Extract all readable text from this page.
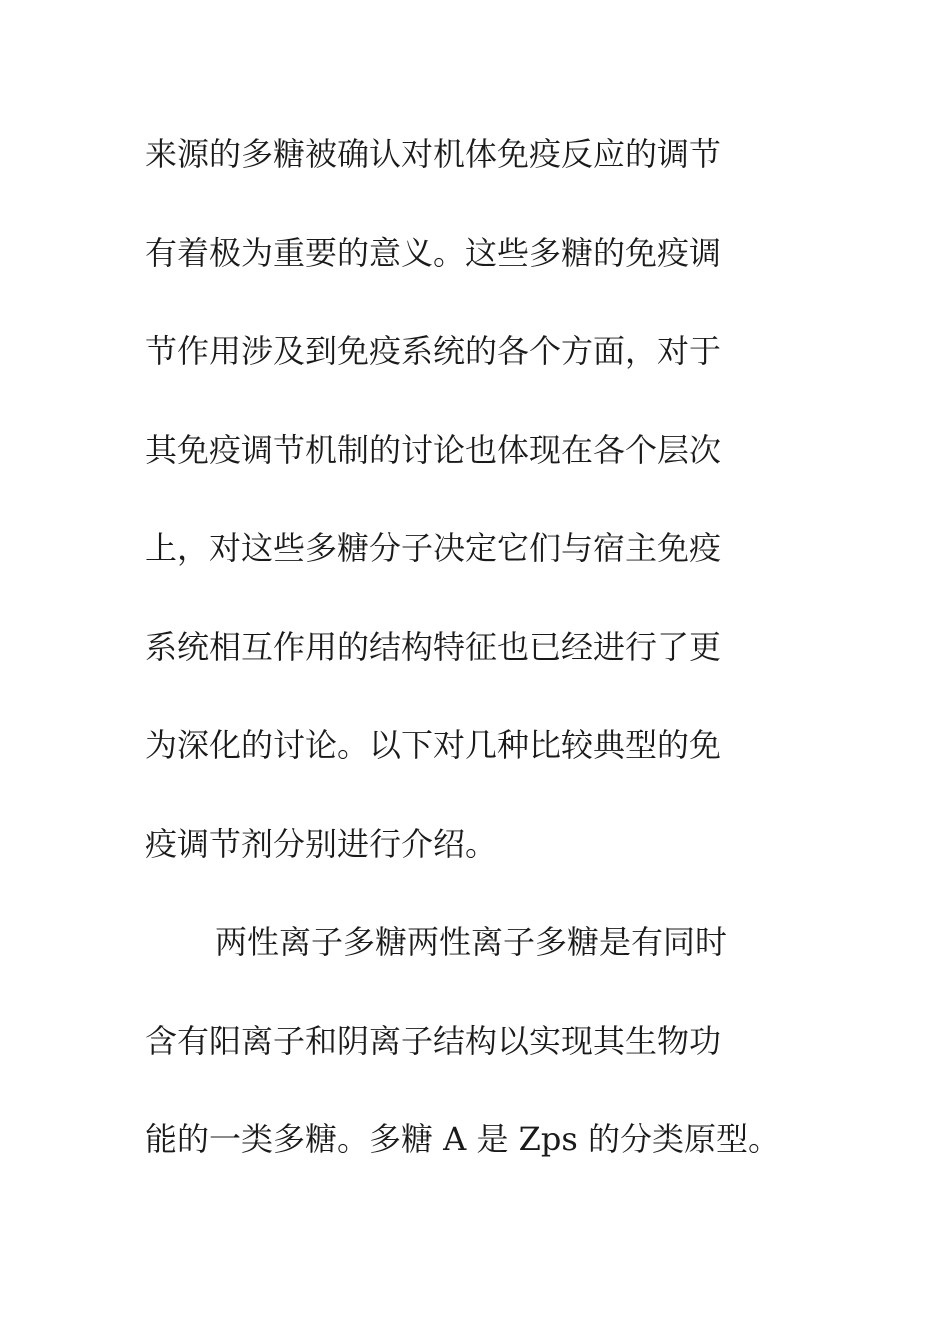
来源的多糖被确认对机体免疫反应的调节
有着极为重要的意义。这些多糖的免疫调
节作用涉及到免疫系统的各个方面，对于
其免疫调节机制的讨论也体现在各个层次
上，对这些多糖分子决定它们与宿主免疫
系统相互作用的结构特征也已经进行了更
为深化的讨论。以下对几种比较典型的免
疫调节剂分别进行介绍。
两性离子多糖两性离子多糖是有同时
含有阳离子和阴离子结构以实现其生物功
能的一类多糖。多糖 A 是 Zps 的分类原型。
